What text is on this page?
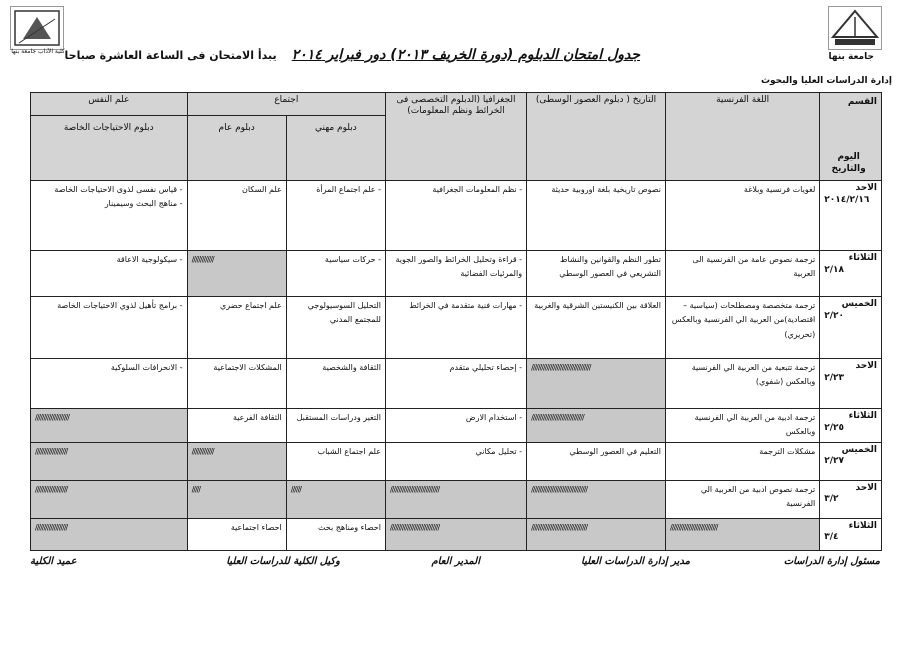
كلية الآداب جامعة بنها
جامعة بنها
إدارة الدراسات العليا والبحوث
جدول امتحان الدبلوم (دورة الخريف ٢٠١٣) دور فبراير ٢٠١٤ يبدأ الامتحان فى الساعة العاشرة صباحا
القسم
اليوم والتاريخ	اللغة الفرنسية	التاريخ ( دبلوم العصور الوسطى)	الجغرافيا (الدبلوم التخصصى فى الخرائط ونظم المعلومات)	اجتماع		علم النفس
				دبلوم مهني	دبلوم عام	دبلوم الاحتياجات الخاصة
الاحد
٢٠١٤/٢/١٦	لغويات فرنسية وبلاغة	نصوص تاريخية بلغة اوروبية حديثة	- نظم المعلومات الجغرافية	- علم اجتماع المرأة	علم السكان	- قياس نفسى لذوى الاحتياجات الخاصة
- مناهج البحث وسيمينار
الثلاثاء
٢/١٨	ترجمة نصوص عامة من الفرنسية الى العربية	تطور النظم والقوانين والنشاط التشريعي في العصور الوسطي	- قراءة وتحليل الخرائط والصور الجوية والمرئيات الفضائية	- حركات سياسية	/////////////	- سيكولوجية الاعاقة
الخميس
٢/٢٠	ترجمة متخصصة ومصطلحات (سياسية – اقتصادية)من العربية الي الفرنسية وبالعكس (تحريري)	العلاقة بين الكنيستين الشرقية والغربية	- مهارات فنية متقدمة في الخرائط	التحليل السوسيولوجي للمجتمع المدني	علم اجتماع حضري	- برامج تأهيل لذوي الاحتياجات الخاصة
الاحد
٢/٢٣	ترجمة تتبعية من العربية الي الفرنسية وبالعكس (شفوي)	///////////////////////////////////	- إحصاء تحليلي متقدم	الثقافة والشخصية	المشكلات الاجتماعية	- الانحرافات السلوكية
الثلاثاء
٢/٢٥	ترجمة ادبية من العربية الي الفرنسية وبالعكس	///////////////////////////////	- استخدام الارض	التغير ودراسات المستقبل	الثقافة الفرعية	////////////////////

الخميس
٢/٢٧	مشكلات الترجمة	التعليم في العصور الوسطي	- تحليل مكاني	علم اجتماع الشباب	/////////////	///////////////////

الاحد
٣/٢	ترجمة نصوص ادبية من العربية الي الفرنسية	/////////////////////////////////	/////////////////////////////	//////	/////	///////////////////

الثلاثاء
٣/٤	////////////////////////////	/////////////////////////////////	/////////////////////////////	احصاء ومناهج بحث	احصاء اجتماعية	///////////////////
مسئول إدارة الدراسات
مدير إدارة الدراسات العليا
المدير العام
وكيل الكلية للدراسات العليا
عميد الكلية
